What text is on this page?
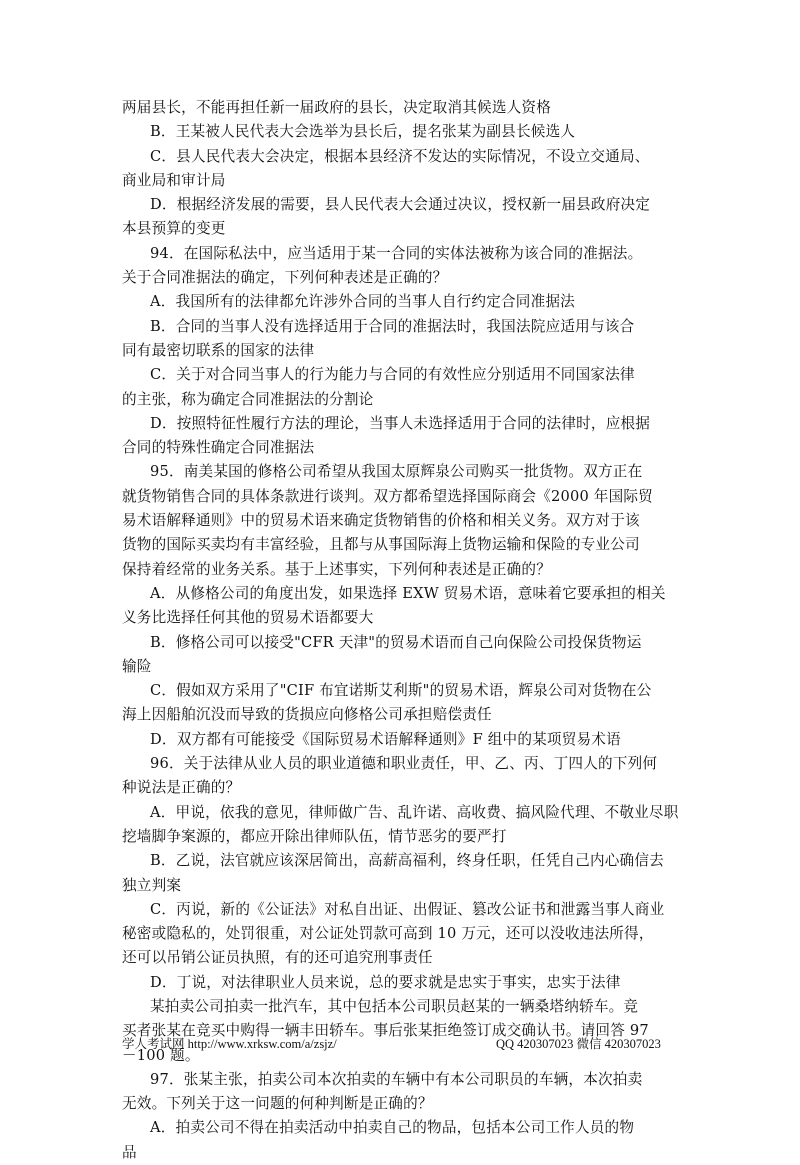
两届县长，不能再担任新一届政府的县长，决定取消其候选人资格
B．王某被人民代表大会选举为县长后，提名张某为副县长候选人
C．县人民代表大会决定，根据本县经济不发达的实际情况，不设立交通局、
商业局和审计局
D．根据经济发展的需要，县人民代表大会通过决议，授权新一届县政府决定
本县预算的变更
94．在国际私法中，应当适用于某一合同的实体法被称为该合同的准据法。
关于合同准据法的确定，下列何种表述是正确的？
A．我国所有的法律都允许涉外合同的当事人自行约定合同准据法
B．合同的当事人没有选择适用于合同的准据法时，我国法院应适用与该合
同有最密切联系的国家的法律
C．关于对合同当事人的行为能力与合同的有效性应分别适用不同国家法律
的主张，称为确定合同准据法的分割论
D．按照特征性履行方法的理论，当事人未选择适用于合同的法律时，应根据
合同的特殊性确定合同准据法
95．南美某国的修格公司希望从我国太原辉泉公司购买一批货物。双方正在
就货物销售合同的具体条款进行谈判。双方都希望选择国际商会《2000 年国际贸
易术语解释通则》中的贸易术语来确定货物销售的价格和相关义务。双方对于该
货物的国际买卖均有丰富经验，且都与从事国际海上货物运输和保险的专业公司
保持着经常的业务关系。基于上述事实，下列何种表述是正确的？
A．从修格公司的角度出发，如果选择 EXW 贸易术语，意味着它要承担的相关
义务比选择任何其他的贸易术语都要大
B．修格公司可以接受"CFR 天津"的贸易术语而自己向保险公司投保货物运
输险
C．假如双方采用了"CIF 布宜诺斯艾利斯"的贸易术语，辉泉公司对货物在公
海上因船舶沉没而导致的货损应向修格公司承担赔偿责任
D．双方都有可能接受《国际贸易术语解释通则》F 组中的某项贸易术语
96．关于法律从业人员的职业道德和职业责任，甲、乙、丙、丁四人的下列何
种说法是正确的？
A．甲说，依我的意见，律师做广告、乱许诺、高收费、搞风险代理、不敬业尽职
挖墙脚争案源的，都应开除出律师队伍，情节恶劣的要严打
B．乙说，法官就应该深居简出，高薪高福利，终身任职，任凭自己内心确信去
独立判案
C．丙说，新的《公证法》对私自出证、出假证、篡改公证书和泄露当事人商业
秘密或隐私的，处罚很重，对公证处罚款可高到 10 万元，还可以没收违法所得，
还可以吊销公证员执照，有的还可追究刑事责任
D．丁说，对法律职业人员来说，总的要求就是忠实于事实，忠实于法律
某拍卖公司拍卖一批汽车，其中包括本公司职员赵某的一辆桑塔纳轿车。竞
买者张某在竞买中购得一辆丰田轿车。事后张某拒绝签订成交确认书。请回答 97
－100 题。
97．张某主张，拍卖公司本次拍卖的车辆中有本公司职员的车辆，本次拍卖
无效。下列关于这一问题的何种判断是正确的？
A．拍卖公司不得在拍卖活动中拍卖自己的物品，包括本公司工作人员的物
品
学人考试网 http://www.xrksw.com/a/zsjz/	QQ 420307023 微信 420307023
